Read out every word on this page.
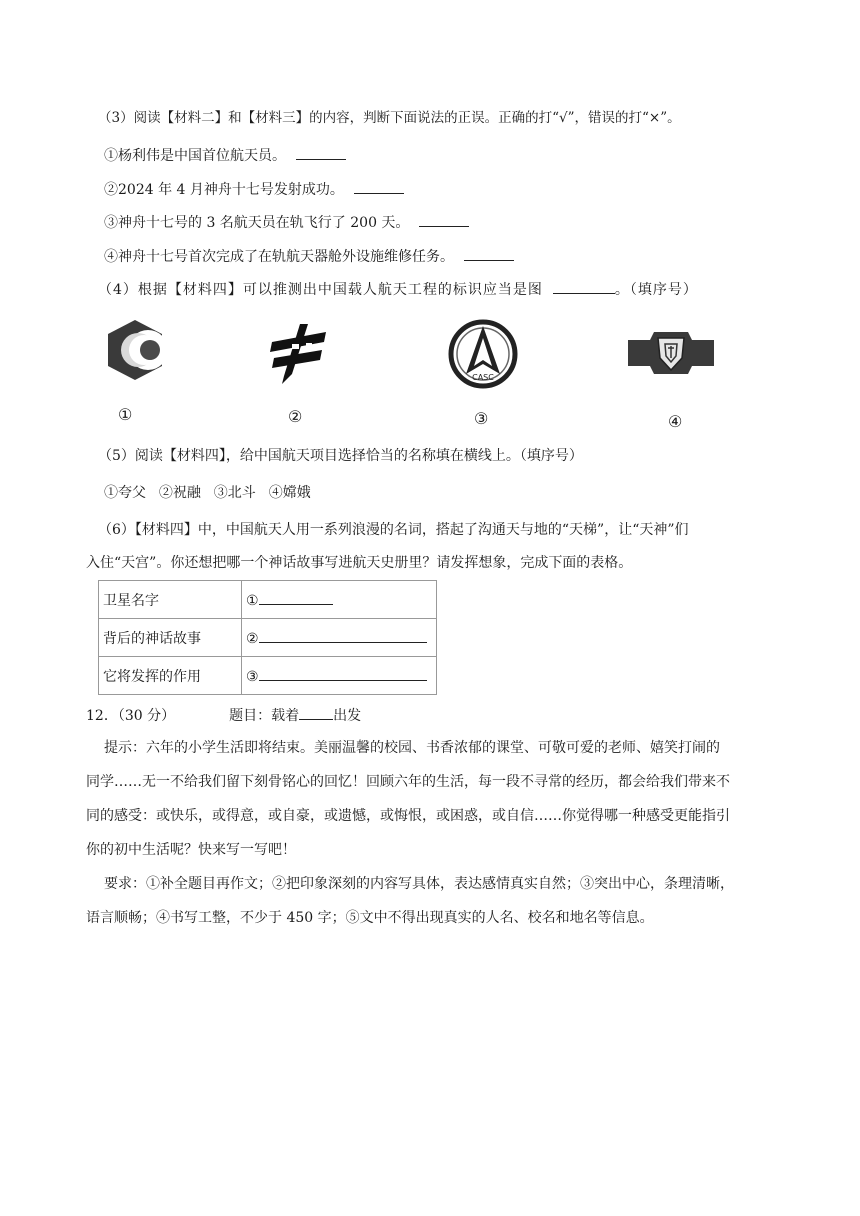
（3）阅读【材料二】和【材料三】的内容，判断下面说法的正误。正确的打“√”，错误的打“×”。
①杨利伟是中国首位航天员。
②2024 年 4 月神舟十七号发射成功。
③神舟十七号的 3 名航天员在轨飞行了 200 天。
④神舟十七号首次完成了在轨航天器舱外设施维修任务。
（4）根据【材料四】可以推测出中国载人航天工程的标识应当是图	。（填序号）
①	②
CASC
③	④
（5）阅读【材料四】，给中国航天项目选择恰当的名称填在横线上。（填序号）
①夸父  ②祝融  ③北斗  ④嫦娥
（6）【材料四】中，中国航天人用一系列浪漫的名词，搭起了沟通天与地的“天梯”，让“天神”们
入住“天宫”。你还想把哪一个神话故事写进航天史册里？请发挥想象，完成下面的表格。
卫星名字	①
背后的神话故事	②
它将发挥的作用	③
12．（30 分）	题目：载着 出发
提示：六年的小学生活即将结束。美丽温馨的校园、书香浓郁的课堂、可敬可爱的老师、嬉笑打闹的
同学……无一不给我们留下刻骨铭心的回忆！回顾六年的生活，每一段不寻常的经历，都会给我们带来不
同的感受：或快乐，或得意，或自豪，或遗憾，或悔恨，或困惑，或自信……你觉得哪一种感受更能指引
你的初中生活呢？快来写一写吧！
要求：①补全题目再作文；②把印象深刻的内容写具体，表达感情真实自然；③突出中心，条理清晰，
语言顺畅；④书写工整，不少于 450 字；⑤文中不得出现真实的人名、校名和地名等信息。
